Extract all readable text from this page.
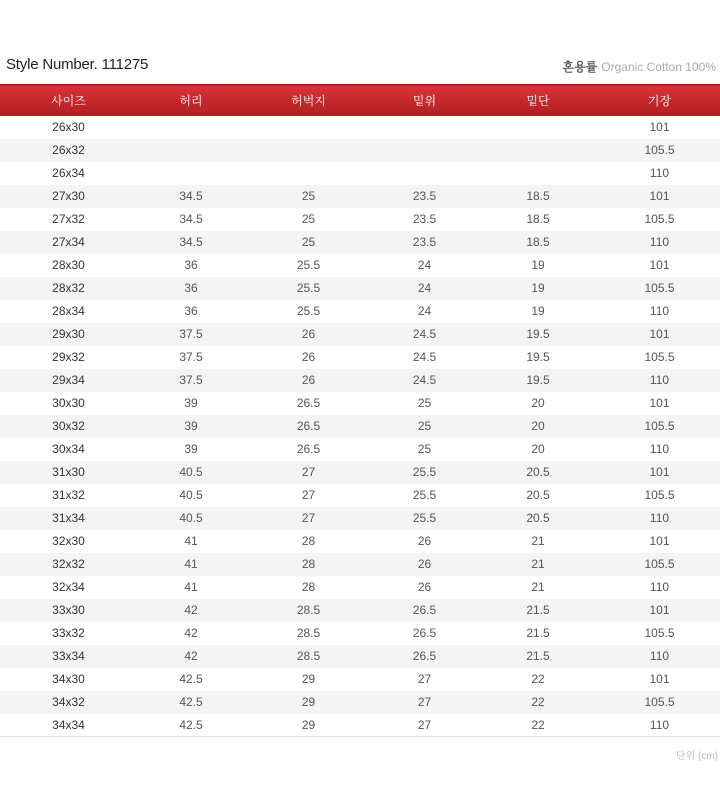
Style Number. 111275	혼용률 Organic Cotton 100%
사이즈	허리	허벅지	밑위	밑단	기장
26x30					101
26x32					105.5
26x34					110
27x30	34.5	25	23.5	18.5	101
27x32	34.5	25	23.5	18.5	105.5
27x34	34.5	25	23.5	18.5	110
28x30	36	25.5	24	19	101
28x32	36	25.5	24	19	105.5
28x34	36	25.5	24	19	110
29x30	37.5	26	24.5	19.5	101
29x32	37.5	26	24.5	19.5	105.5
29x34	37.5	26	24.5	19.5	110
30x30	39	26.5	25	20	101
30x32	39	26.5	25	20	105.5
30x34	39	26.5	25	20	110
31x30	40.5	27	25.5	20.5	101
31x32	40.5	27	25.5	20.5	105.5
31x34	40.5	27	25.5	20.5	110
32x30	41	28	26	21	101
32x32	41	28	26	21	105.5
32x34	41	28	26	21	110
33x30	42	28.5	26.5	21.5	101
33x32	42	28.5	26.5	21.5	105.5
33x34	42	28.5	26.5	21.5	110
34x30	42.5	29	27	22	101
34x32	42.5	29	27	22	105.5
34x34	42.5	29	27	22	110
단위 (cm)
